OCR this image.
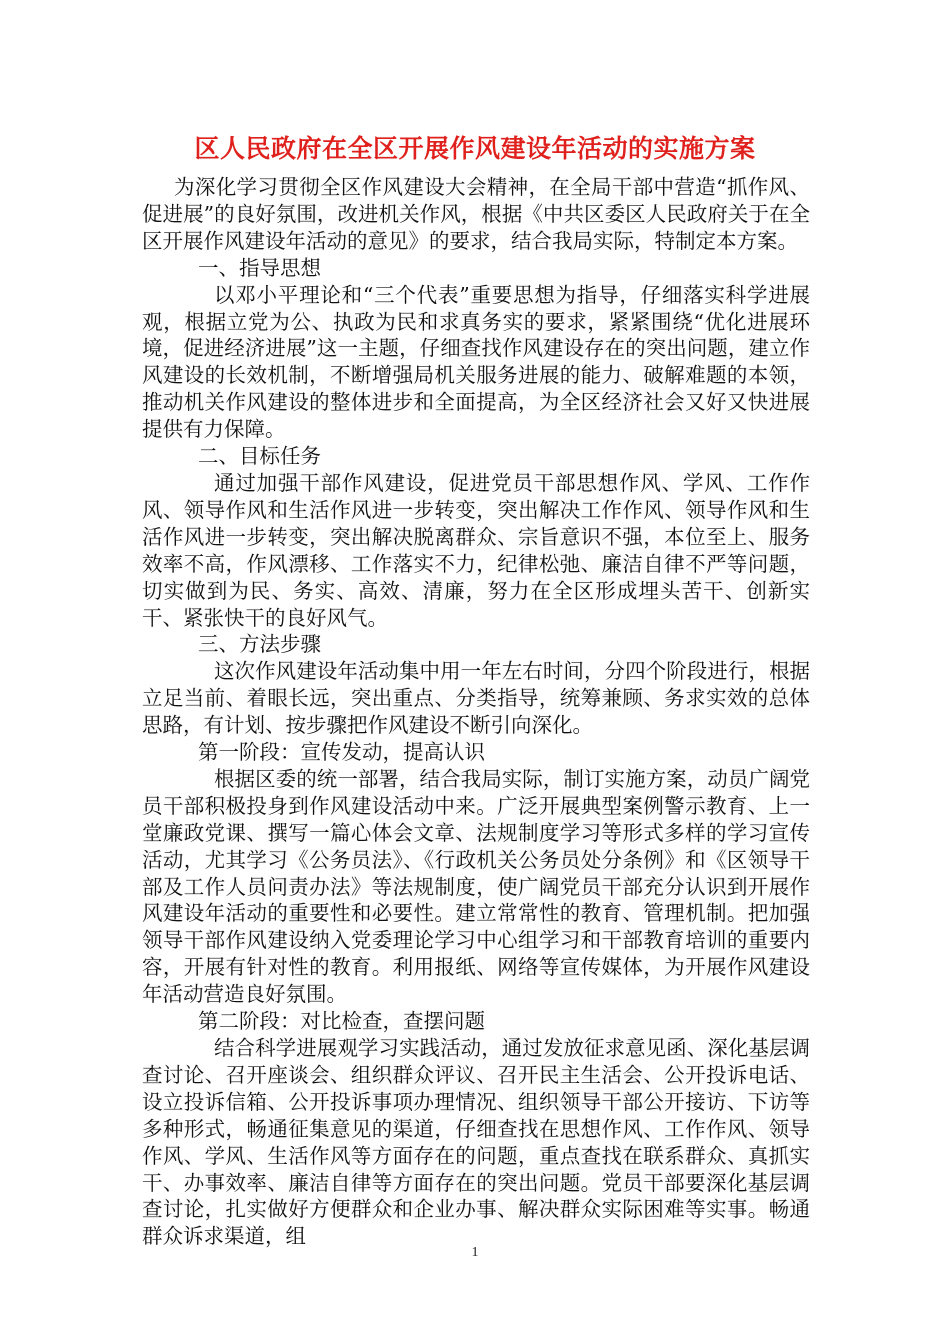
区人民政府在全区开展作风建设年活动的实施方案

为深化学习贯彻全区作风建设大会精神，在全局干部中营造“抓作风、促进展”的良好氛围，改进机关作风，根据《中共区委区人民政府关于在全区开展作风建设年活动的意见》的要求，结合我局实际，特制定本方案。

一、指导思想

以邓小平理论和“三个代表”重要思想为指导，仔细落实科学进展观，根据立党为公、执政为民和求真务实的要求，紧紧围绕“优化进展环境，促进经济进展”这一主题，仔细查找作风建设存在的突出问题，建立作风建设的长效机制，不断增强局机关服务进展的能力、破解难题的本领，推动机关作风建设的整体进步和全面提高，为全区经济社会又好又快进展提供有力保障。

二、目标任务

通过加强干部作风建设，促进党员干部思想作风、学风、工作作风、领导作风和生活作风进一步转变，突出解决工作作风、领导作风和生活作风进一步转变，突出解决脱离群众、宗旨意识不强，本位至上、服务效率不高，作风漂移、工作落实不力，纪律松弛、廉洁自律不严等问题，切实做到为民、务实、高效、清廉，努力在全区形成埋头苦干、创新实干、紧张快干的良好风气。

三、方法步骤

这次作风建设年活动集中用一年左右时间，分四个阶段进行，根据立足当前、着眼长远，突出重点、分类指导，统筹兼顾、务求实效的总体思路，有计划、按步骤把作风建设不断引向深化。

第一阶段：宣传发动，提高认识

根据区委的统一部署，结合我局实际，制订实施方案，动员广阔党员干部积极投身到作风建设活动中来。广泛开展典型案例警示教育、上一堂廉政党课、撰写一篇心体会文章、法规制度学习等形式多样的学习宣传活动，尤其学习《公务员法》、《行政机关公务员处分条例》和《区领导干部及工作人员问责办法》等法规制度，使广阔党员干部充分认识到开展作风建设年活动的重要性和必要性。建立常常性的教育、管理机制。把加强领导干部作风建设纳入党委理论学习中心组学习和干部教育培训的重要内容，开展有针对性的教育。利用报纸、网络等宣传媒体，为开展作风建设年活动营造良好氛围。

第二阶段：对比检查，查摆问题

结合科学进展观学习实践活动，通过发放征求意见函、深化基层调查讨论、召开座谈会、组织群众评议、召开民主生活会、公开投诉电话、设立投诉信箱、公开投诉事项办理情况、组织领导干部公开接访、下访等多种形式，畅通征集意见的渠道，仔细查找在思想作风、工作作风、领导作风、学风、生活作风等方面存在的问题，重点查找在联系群众、真抓实干、办事效率、廉洁自律等方面存在的突出问题。党员干部要深化基层调查讨论，扎实做好方便群众和企业办事、解决群众实际困难等实事。畅通群众诉求渠道，组

1
